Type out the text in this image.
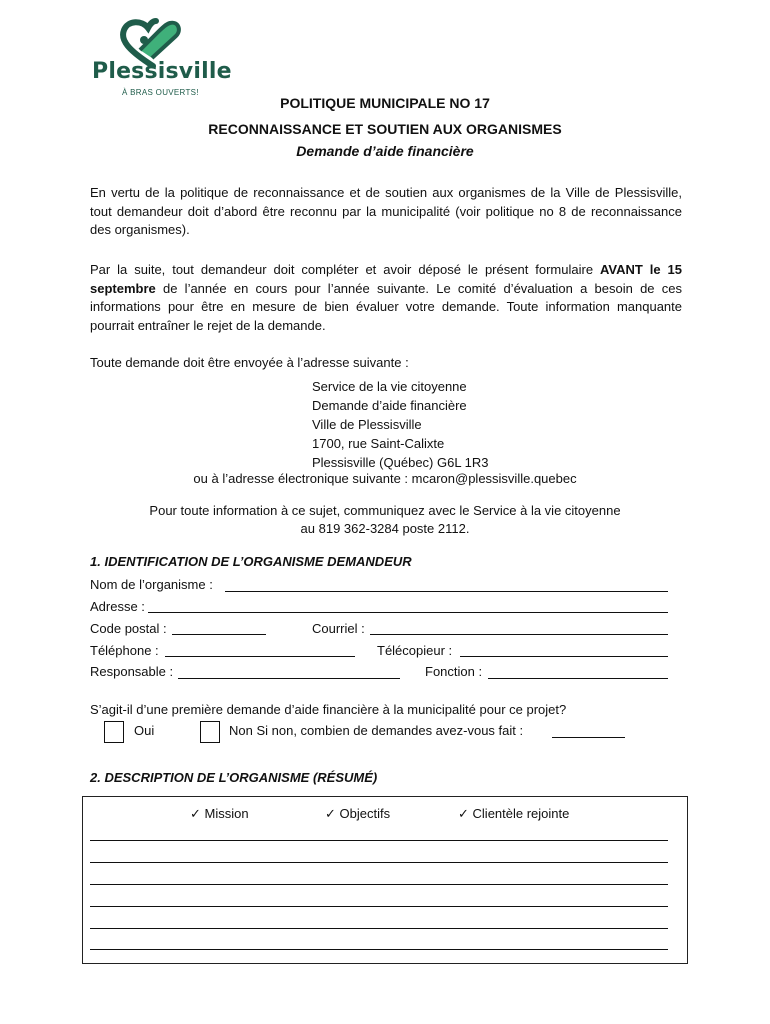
Plessisville
À BRAS OUVERTS!
POLITIQUE MUNICIPALE NO 17
RECONNAISSANCE ET SOUTIEN AUX ORGANISMES
Demande d’aide financière
En vertu de la politique de reconnaissance et de soutien aux organismes de la Ville de Plessisville, tout demandeur doit d’abord être reconnu par la municipalité (voir politique no 8 de reconnaissance des organismes).
Par la suite, tout demandeur doit compléter et avoir déposé le présent formulaire AVANT le 15 septembre de l’année en cours pour l’année suivante. Le comité d’évaluation a besoin de ces informations pour être en mesure de bien évaluer votre demande. Toute information manquante pourrait entraîner le rejet de la demande.
Toute demande doit être envoyée à l’adresse suivante :
Service de la vie citoyenne
Demande d’aide financière
Ville de Plessisville
1700, rue Saint-Calixte
Plessisville (Québec) G6L 1R3
ou à l’adresse électronique suivante : mcaron@plessisville.quebec
Pour toute information à ce sujet, communiquez avec le Service à la vie citoyenne
au 819 362-3284 poste 2112.
1. IDENTIFICATION DE L’ORGANISME DEMANDEUR
Nom de l’organisme :
Adresse :
Code postal :	Courriel :
Téléphone :	Télécopieur :
Responsable :	Fonction :
S’agit-il d’une première demande d’aide financière à la municipalité pour ce projet?
Oui	Non Si non, combien de demandes avez-vous fait :
2. DESCRIPTION DE L’ORGANISME (RÉSUMÉ)
✓ Mission	✓ Objectifs	✓ Clientèle rejointe
